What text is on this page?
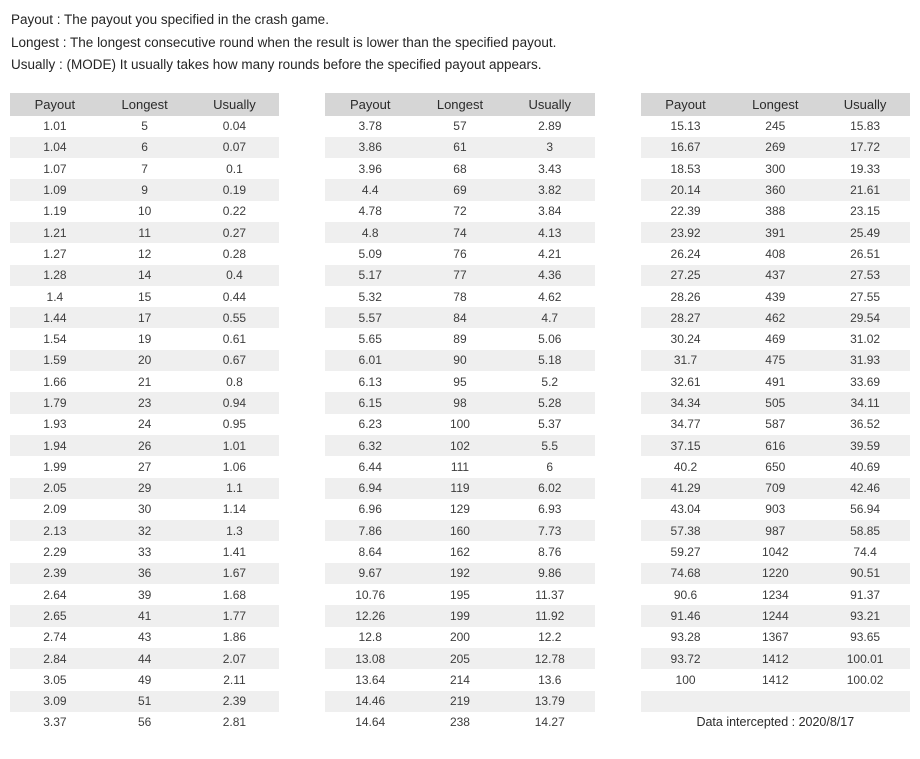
Payout : The payout you specified in the crash game.
Longest : The longest consecutive round when the result is lower than the specified payout.
Usually : (MODE) It usually takes how many rounds before the specified payout appears.
Payout	Longest	Usually
1.01	5	0.04
1.04	6	0.07
1.07	7	0.1
1.09	9	0.19
1.19	10	0.22
1.21	11	0.27
1.27	12	0.28
1.28	14	0.4
1.4	15	0.44
1.44	17	0.55
1.54	19	0.61
1.59	20	0.67
1.66	21	0.8
1.79	23	0.94
1.93	24	0.95
1.94	26	1.01
1.99	27	1.06
2.05	29	1.1
2.09	30	1.14
2.13	32	1.3
2.29	33	1.41
2.39	36	1.67
2.64	39	1.68
2.65	41	1.77
2.74	43	1.86
2.84	44	2.07
3.05	49	2.11
3.09	51	2.39
3.37	56	2.81
Payout	Longest	Usually
3.78	57	2.89
3.86	61	3
3.96	68	3.43
4.4	69	3.82
4.78	72	3.84
4.8	74	4.13
5.09	76	4.21
5.17	77	4.36
5.32	78	4.62
5.57	84	4.7
5.65	89	5.06
6.01	90	5.18
6.13	95	5.2
6.15	98	5.28
6.23	100	5.37
6.32	102	5.5
6.44	111	6
6.94	119	6.02
6.96	129	6.93
7.86	160	7.73
8.64	162	8.76
9.67	192	9.86
10.76	195	11.37
12.26	199	11.92
12.8	200	12.2
13.08	205	12.78
13.64	214	13.6
14.46	219	13.79
14.64	238	14.27
Payout	Longest	Usually
15.13	245	15.83
16.67	269	17.72
18.53	300	19.33
20.14	360	21.61
22.39	388	23.15
23.92	391	25.49
26.24	408	26.51
27.25	437	27.53
28.26	439	27.55
28.27	462	29.54
30.24	469	31.02
31.7	475	31.93
32.61	491	33.69
34.34	505	34.11
34.77	587	36.52
37.15	616	39.59
40.2	650	40.69
41.29	709	42.46
43.04	903	56.94
57.38	987	58.85
59.27	1042	74.4
74.68	1220	90.51
90.6	1234	91.37
91.46	1244	93.21
93.28	1367	93.65
93.72	1412	100.01
100	1412	100.02

Data intercepted : 2020/8/17		
